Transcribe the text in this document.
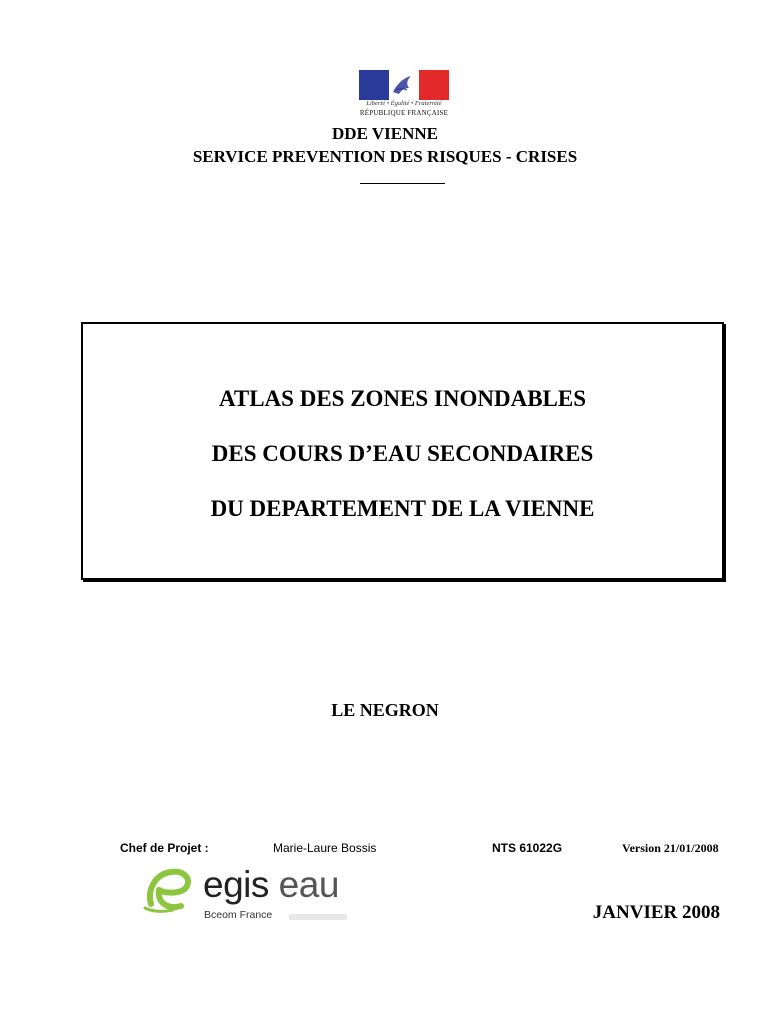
Liberté • Égalité • Fraternité
RÉPUBLIQUE FRANÇAISE
DDE VIENNE
SERVICE PREVENTION DES RISQUES - CRISES
ATLAS DES ZONES INONDABLES
DES COURS D’EAU SECONDAIRES
DU DEPARTEMENT DE LA VIENNE
LE NEGRON
Chef de Projet :	Marie-Laure Bossis	NTS 61022G	Version 21/01/2008
egis eau
Bceom France	JANVIER 2008
